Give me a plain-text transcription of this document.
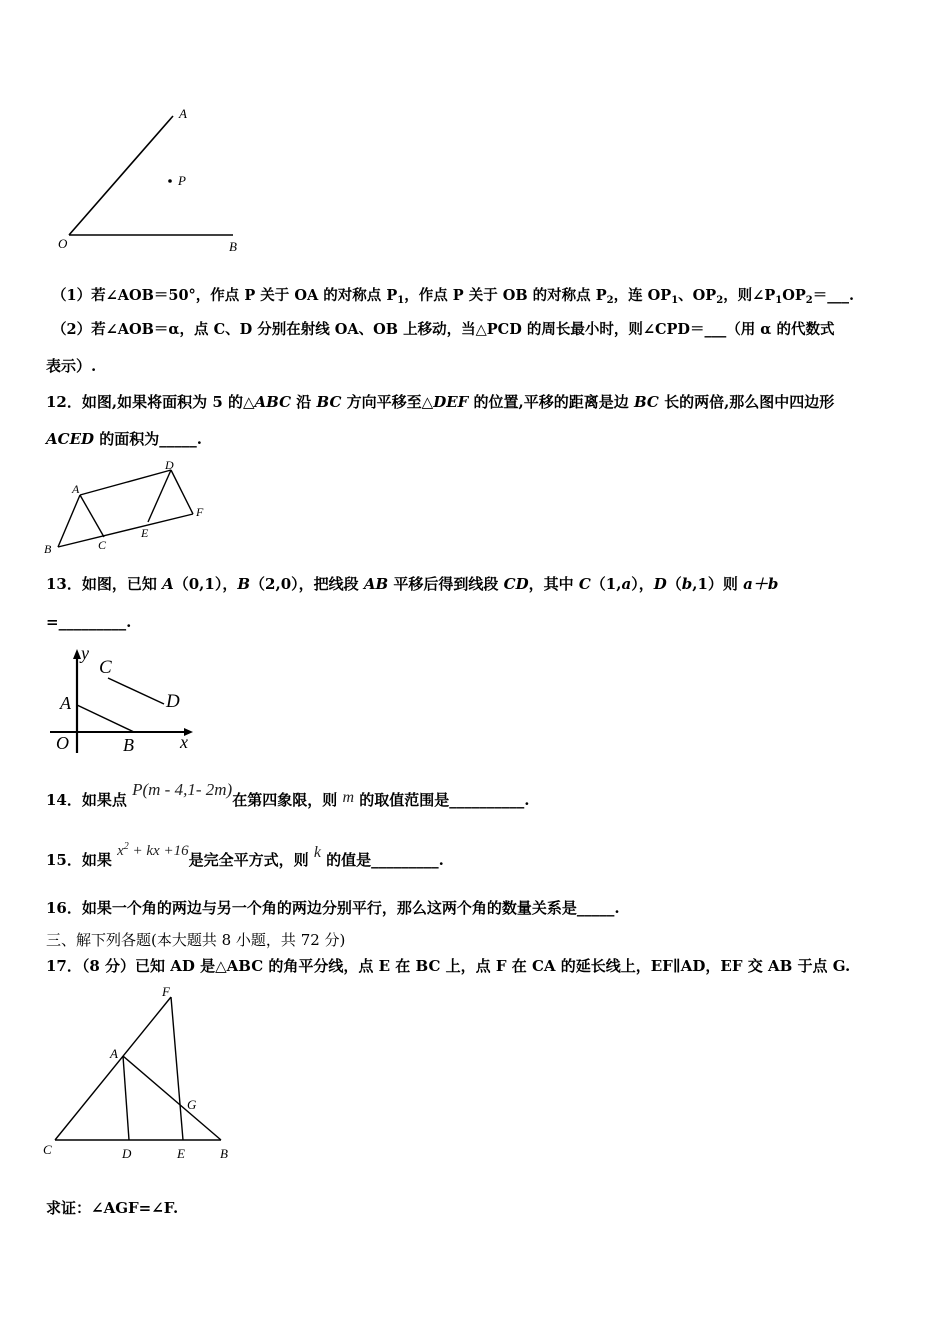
A
P
O	B
（1）若∠AOB＝50°，作点 P 关于 OA 的对称点 $P_1$，作点 P 关于 OB 的对称点 $P_2$，连 $OP_1$、$OP_2$，则$\angle P_1OP_2=\_\_\_$.
（2）若∠AOB＝α，点 C、D 分别在射线 OA、OB 上移动，当△PCD 的周长最小时，则∠CPD＝___（用 α 的代数式
表示）.
12．如图,如果将面积为 5 的△ABC 沿 BC 方向平移至△DEF 的位置,平移的距离是边 BC 长的两倍,那么图中四边形
ACED 的面积为_____.
A
B	C
D
E
F
13．如图，已知 A（0,1），B（2,0），把线段 AB 平移后得到线段 CD，其中 C（1,a），D（b,1）则 a＋b
=_________.
y
C
D
A
O	B	x
14．如果点 P(m - 4,1- 2m)在第四象限，则 m 的取值范围是__________.
15．如果 $x^2$ + kx +16是完全平方式，则 k 的值是_________.
16．如果一个角的两边与另一个角的两边分别平行，那么这两个角的数量关系是_____.
三、解下列各题(本大题共 8 小题，共 72 分)
17．（8 分）已知 AD 是△ABC 的角平分线，点 E 在 BC 上，点 F 在 CA 的延长线上，EF∥AD，EF 交 AB 于点 G.
F
A
G
C	D	E	B
求证：∠AGF=∠F.
